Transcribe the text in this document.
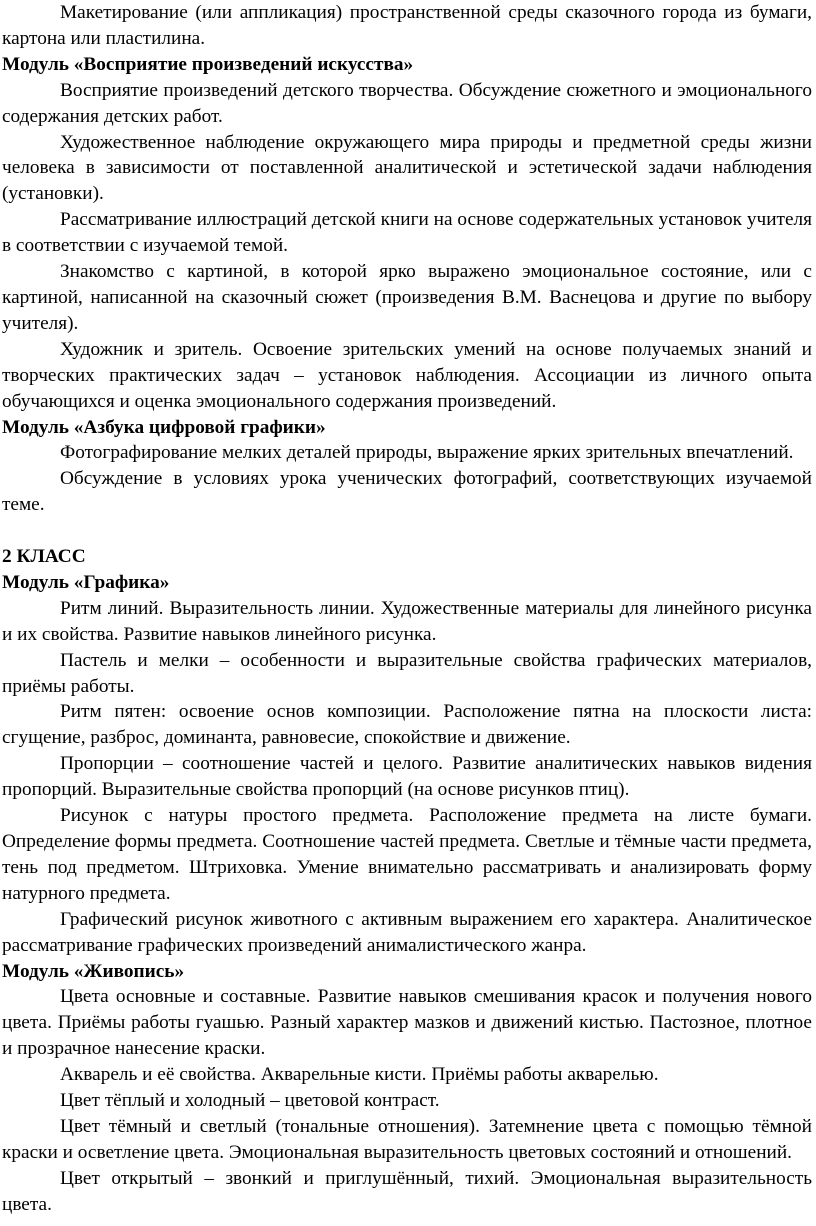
Макетирование (или аппликация) пространственной среды сказочного города из бумаги, картона или пластилина.

Модуль «Восприятие произведений искусства»

Восприятие произведений детского творчества. Обсуждение сюжетного и эмоционального содержания детских работ.

Художественное наблюдение окружающего мира природы и предметной среды жизни человека в зависимости от поставленной аналитической и эстетической задачи наблюдения (установки).

Рассматривание иллюстраций детской книги на основе содержательных установок учителя в соответствии с изучаемой темой.

Знакомство с картиной, в которой ярко выражено эмоциональное состояние, или с картиной, написанной на сказочный сюжет (произведения В.М. Васнецова и другие по выбору учителя).

Художник и зритель. Освоение зрительских умений на основе получаемых знаний и творческих практических задач – установок наблюдения. Ассоциации из личного опыта обучающихся и оценка эмоционального содержания произведений.

Модуль «Азбука цифровой графики»

Фотографирование мелких деталей природы, выражение ярких зрительных впечатлений.

Обсуждение в условиях урока ученических фотографий, соответствующих изучаемой теме.

2 КЛАСС

Модуль «Графика»

Ритм линий. Выразительность линии. Художественные материалы для линейного рисунка и их свойства. Развитие навыков линейного рисунка.

Пастель и мелки – особенности и выразительные свойства графических материалов, приёмы работы.

Ритм пятен: освоение основ композиции. Расположение пятна на плоскости листа: сгущение, разброс, доминанта, равновесие, спокойствие и движение.

Пропорции – соотношение частей и целого. Развитие аналитических навыков видения пропорций. Выразительные свойства пропорций (на основе рисунков птиц).

Рисунок с натуры простого предмета. Расположение предмета на листе бумаги. Определение формы предмета. Соотношение частей предмета. Светлые и тёмные части предмета, тень под предметом. Штриховка. Умение внимательно рассматривать и анализировать форму натурного предмета.

Графический рисунок животного с активным выражением его характера. Аналитическое рассматривание графических произведений анималистического жанра.

Модуль «Живопись»

Цвета основные и составные. Развитие навыков смешивания красок и получения нового цвета. Приёмы работы гуашью. Разный характер мазков и движений кистью. Пастозное, плотное и прозрачное нанесение краски.

Акварель и её свойства. Акварельные кисти. Приёмы работы акварелью.

Цвет тёплый и холодный – цветовой контраст.

Цвет тёмный и светлый (тональные отношения). Затемнение цвета с помощью тёмной краски и осветление цвета. Эмоциональная выразительность цветовых состояний и отношений.

Цвет открытый – звонкий и приглушённый, тихий. Эмоциональная выразительность цвета.
